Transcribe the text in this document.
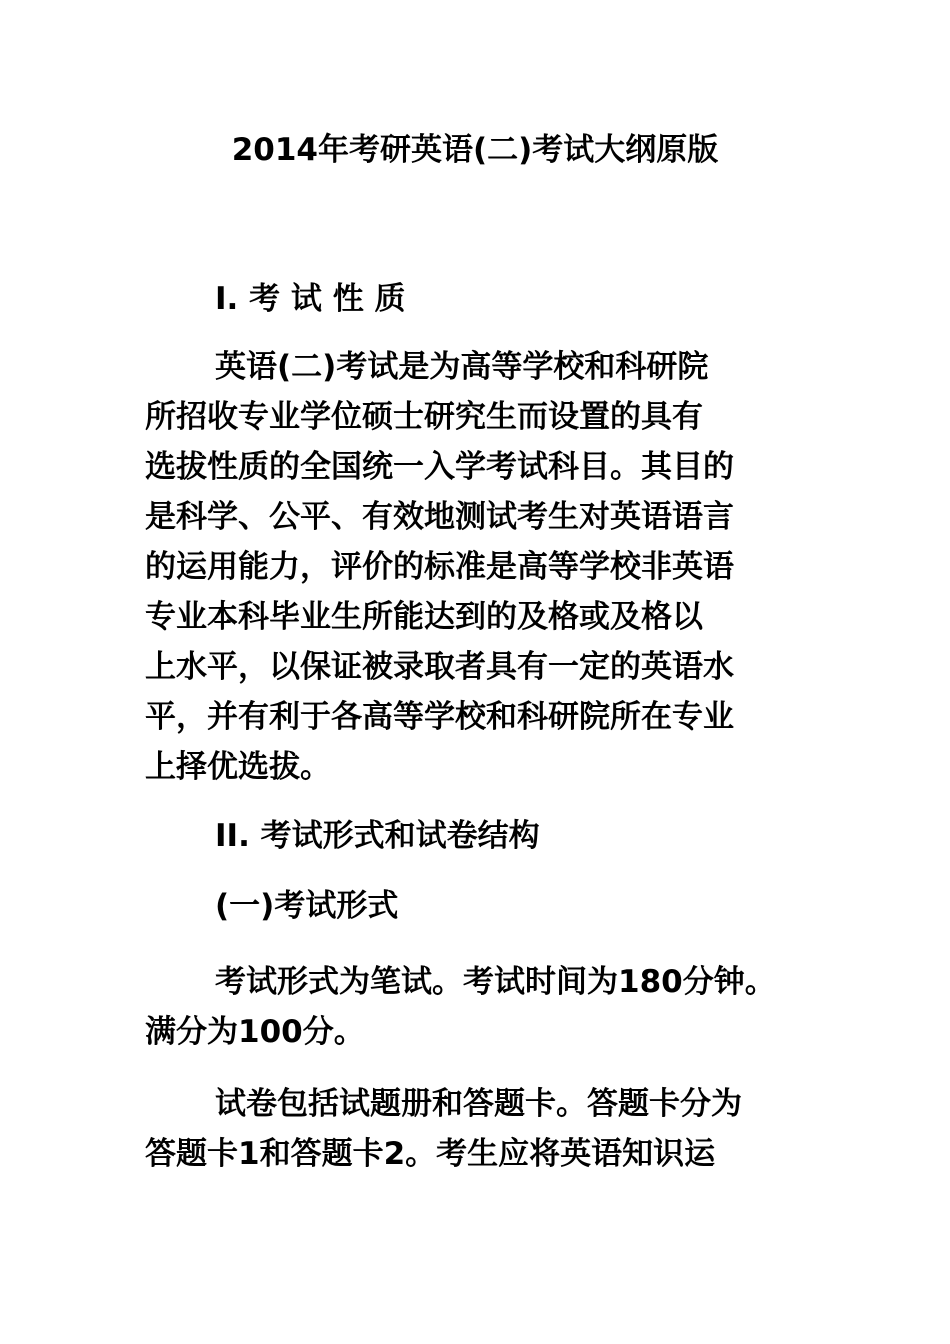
2014年考研英语(二)考试大纲原版
I. 考 试 性 质
英语(二)考试是为高等学校和科研院
所招收专业学位硕士研究生而设置的具有
选拔性质的全国统一入学考试科目。其目的
是科学、公平、有效地测试考生对英语语言
的运用能力，评价的标准是高等学校非英语
专业本科毕业生所能达到的及格或及格以
上水平，以保证被录取者具有一定的英语水
平，并有利于各高等学校和科研院所在专业
上择优选拔。
II. 考试形式和试卷结构
(一)考试形式
考试形式为笔试。考试时间为180分钟。
满分为100分。
试卷包括试题册和答题卡。答题卡分为
答题卡1和答题卡2。考生应将英语知识运
